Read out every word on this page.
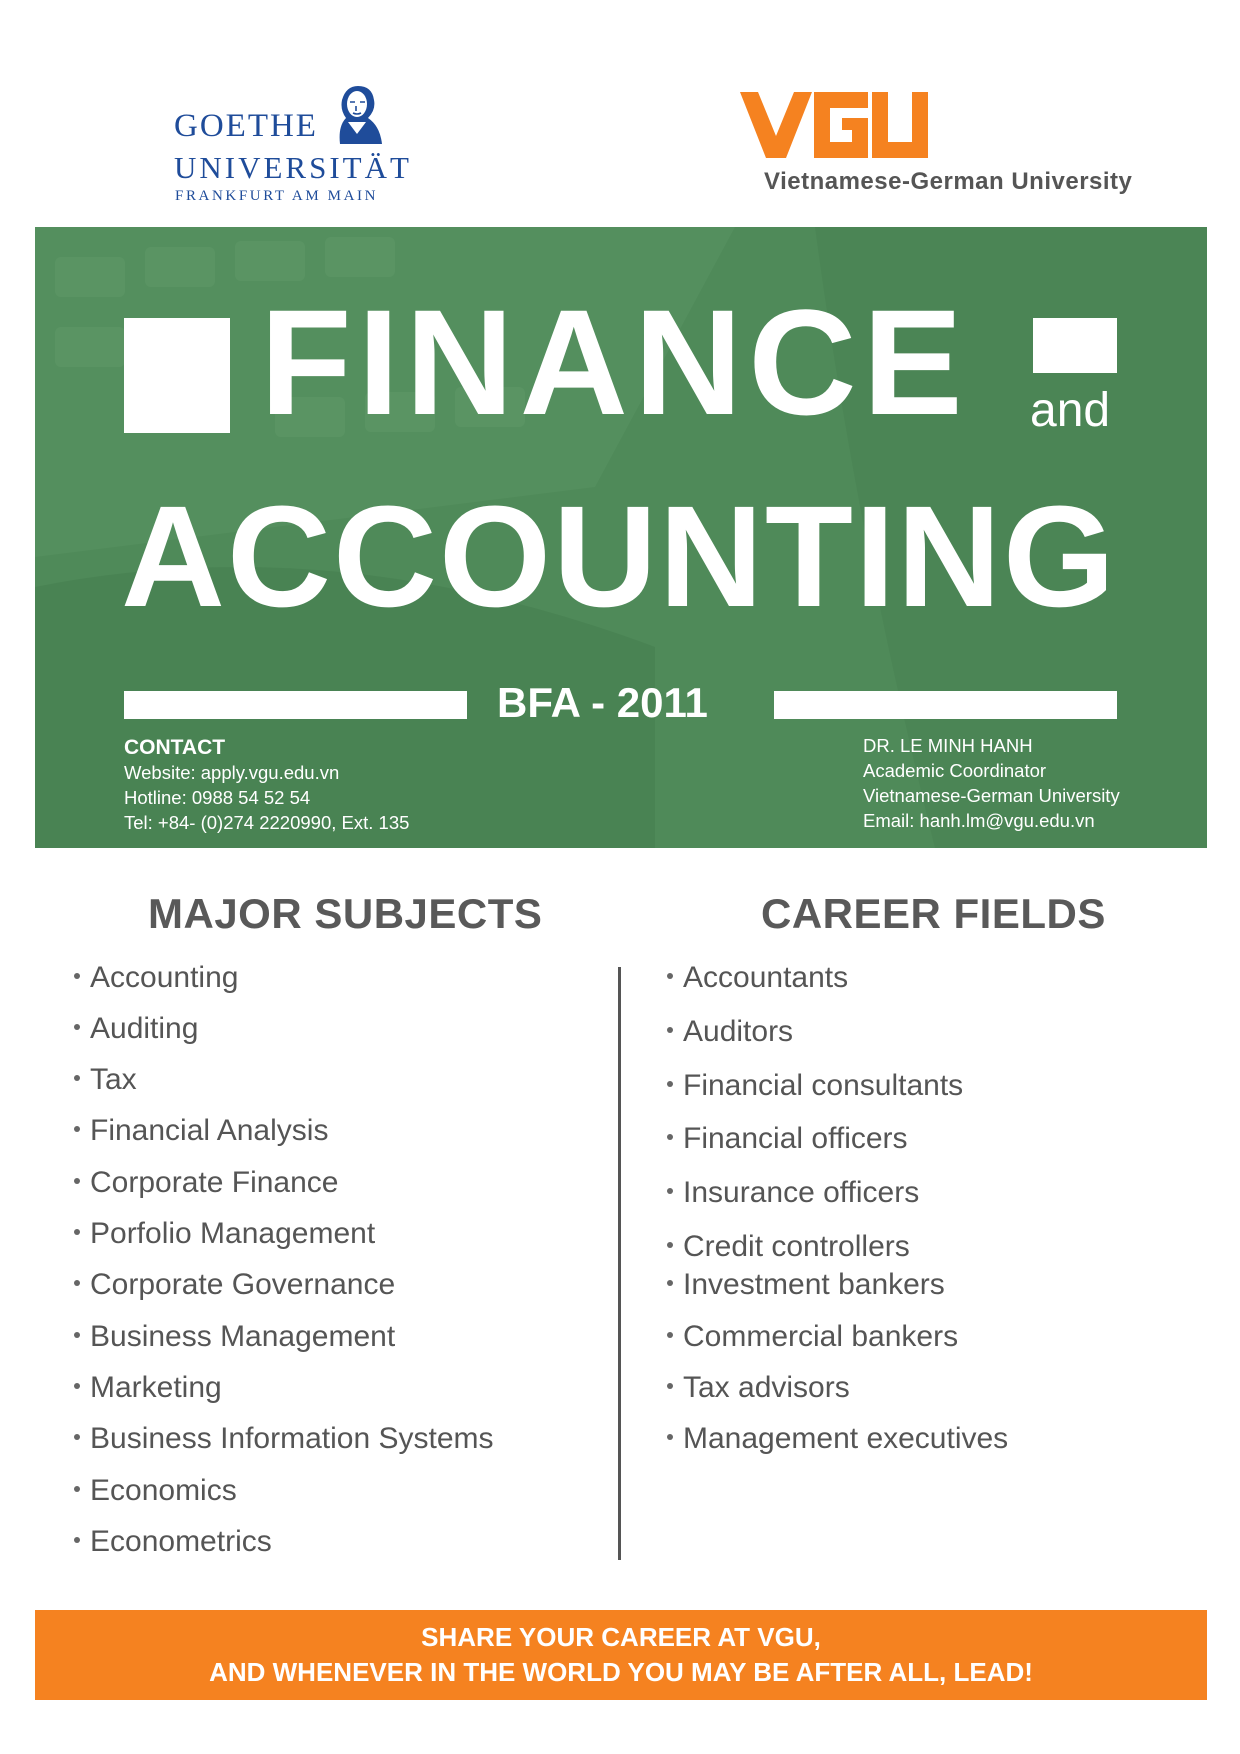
GOETHE
UNIVERSITÄT
FRANKFURT AM MAIN
Vietnamese-German University
FINANCE and
ACCOUNTING
BFA - 2011
CONTACT
Website: apply.vgu.edu.vn
Hotline: 0988 54 52 54
Tel: +84- (0)274 2220990, Ext. 135
DR. LE MINH HANH
Academic Coordinator
Vietnamese-German University
Email: hanh.lm@vgu.edu.vn
MAJOR SUBJECTS	CAREER FIELDS
Accounting
Auditing
Tax
Financial Analysis
Corporate Finance
Porfolio Management
Corporate Governance
Business Management
Marketing
Business Information Systems
Economics
Econometrics
Accountants
Auditors
Financial consultants
Financial officers
Insurance officers
Credit controllers
Investment bankers
Commercial bankers
Tax advisors
Management executives
SHARE YOUR CAREER AT VGU,
AND WHENEVER IN THE WORLD YOU MAY BE AFTER ALL, LEAD!
